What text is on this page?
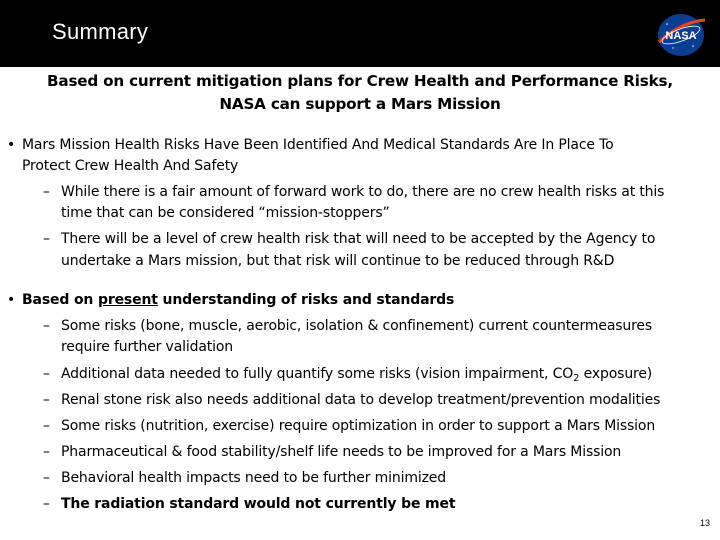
Summary	NASA
Based on current mitigation plans for Crew Health and Performance Risks,
NASA can support a Mars Mission
• Mars Mission Health Risks Have Been Identified And Medical Standards Are In Place To
Protect Crew Health And Safety
– While there is a fair amount of forward work to do, there are no crew health risks at this
time that can be considered “mission-stoppers”
– There will be a level of crew health risk that will need to be accepted by the Agency to
undertake a Mars mission, but that risk will continue to be reduced through R&D
• Based on present understanding of risks and standards
– Some risks (bone, muscle, aerobic, isolation & confinement) current countermeasures
require further validation
– Additional data needed to fully quantify some risks (vision impairment, $CO_2$ exposure)
– Renal stone risk also needs additional data to develop treatment/prevention modalities
– Some risks (nutrition, exercise) require optimization in order to support a Mars Mission
– Pharmaceutical & food stability/shelf life needs to be improved for a Mars Mission
– Behavioral health impacts need to be further minimized
– The radiation standard would not currently be met
13
